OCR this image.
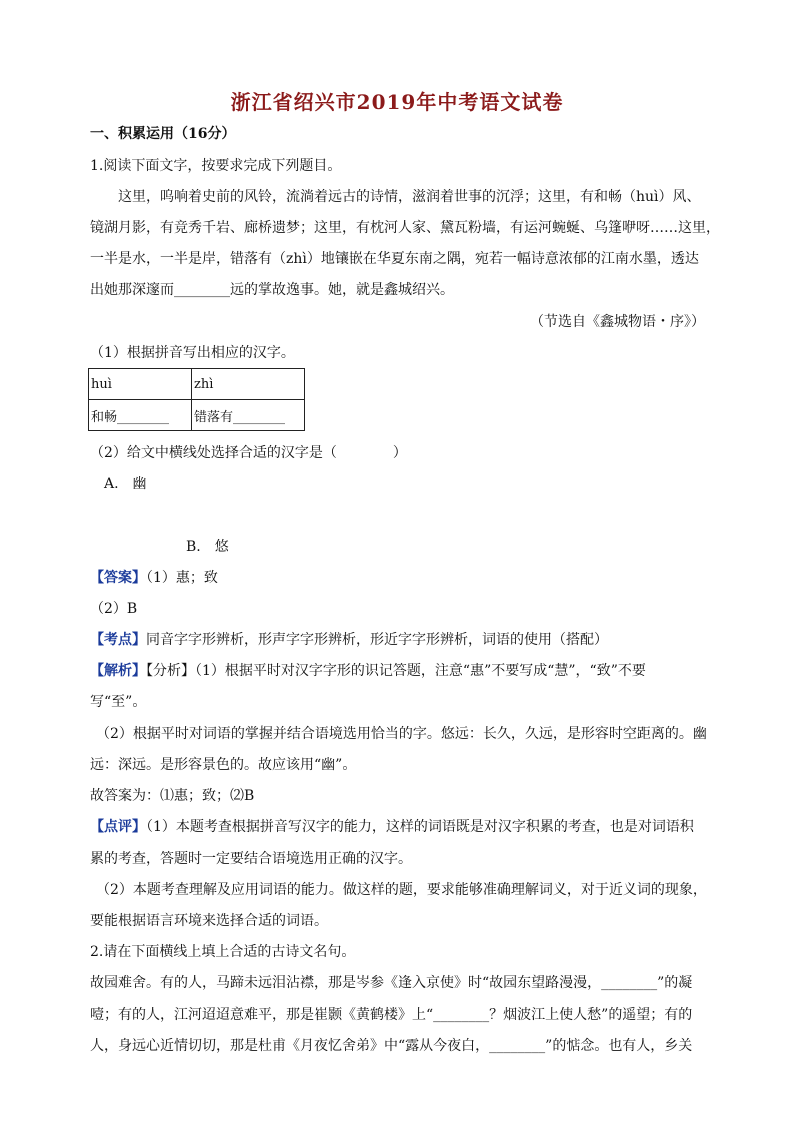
浙江省绍兴市2019年中考语文试卷
一、积累运用（16分）
1.阅读下面文字，按要求完成下列题目。
　　这里，呜响着史前的风铃，流淌着远古的诗情，滋润着世事的沉浮；这里，有和畅（huì）风、
镜湖月影，有竞秀千岩、廊桥遗梦；这里，有枕河人家、黛瓦粉墙，有运河蜿蜒、乌篷咿呀……这里，
一半是水，一半是岸，错落有（zhì）地镶嵌在华夏东南之隅，宛若一幅诗意浓郁的江南水墨，透达
出她那深邃而________远的掌故逸事。她，就是鑫城绍兴。
（节选自《鑫城物语・序》）
（1）根据拼音写出相应的汉字。
huì	zhì
和畅________	错落有________
（2）给文中横线处选择合适的汉字是（　　　　）
A.　幽
B.　悠
【答案】（1）惠；致
（2）B
【考点】同音字字形辨析，形声字字形辨析，形近字字形辨析，词语的使用（搭配）
【解析】【分析】（1）根据平时对汉字字形的识记答题，注意“惠”不要写成“慧”，“致”不要
写“至”。
（2）根据平时对词语的掌握并结合语境选用恰当的字。悠远：长久，久远，是形容时空距离的。幽
远：深远。是形容景色的。故应该用“幽”。
故答案为：⑴惠；致；⑵B
【点评】（1）本题考查根据拼音写汉字的能力，这样的词语既是对汉字积累的考查，也是对词语积
累的考查，答题时一定要结合语境选用正确的汉字。
（2）本题考查理解及应用词语的能力。做这样的题，要求能够准确理解词义，对于近义词的现象，
要能根据语言环境来选择合适的词语。
2.请在下面横线上填上合适的古诗文名句。
故园难舍。有的人，马蹄未远泪沾襟，那是岑参《逢入京使》时“故园东望路漫漫，________”的凝
噎；有的人，江河迢迢意难平，那是崔颢《黄鹤楼》上“________？烟波江上使人愁”的遥望；有的
人，身远心近情切切，那是杜甫《月夜忆舍弟》中“露从今夜白，________”的惦念。也有人，乡关
